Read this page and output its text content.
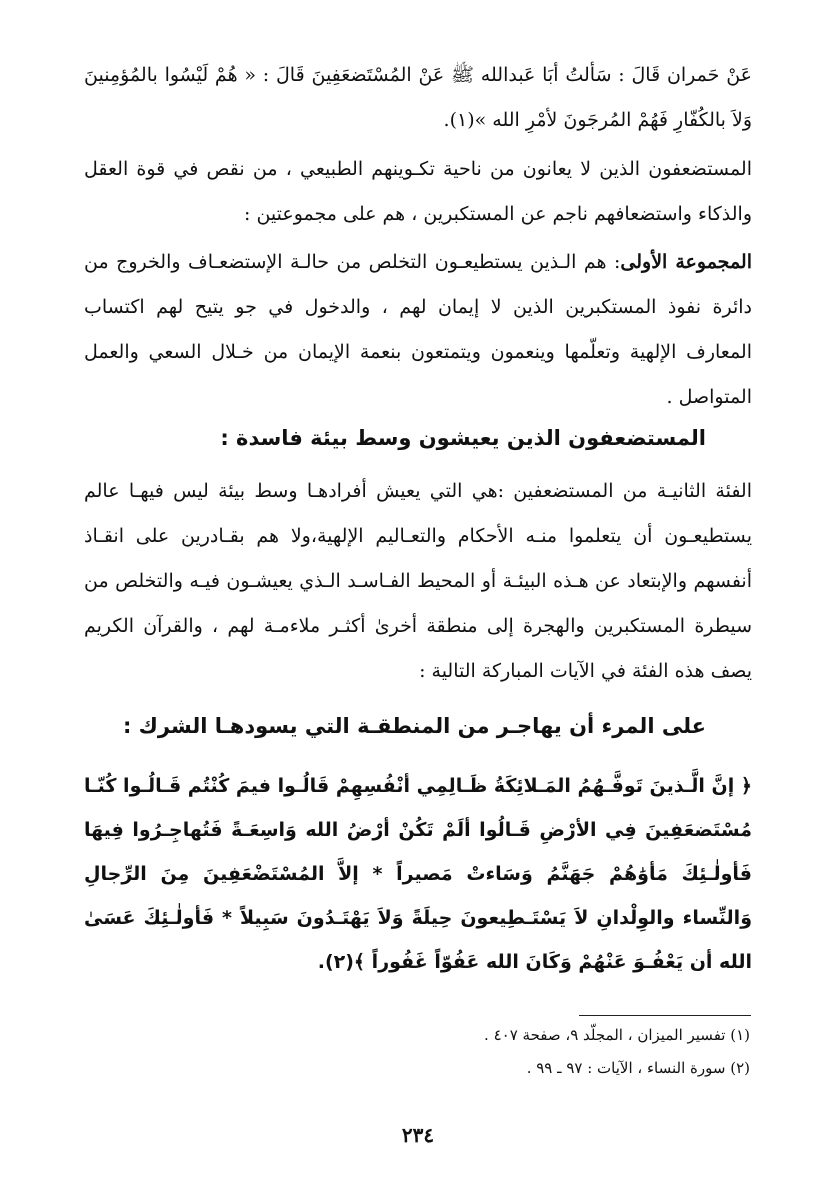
عَنْ حَمران قَالَ : سَألتُ أبَا عَبدالله ﷺ عَنْ المُسْتَضعَفِينَ قَالَ : « هُمْ لَيْسُوا بالمُؤمِنينَ وَلاَ بالكُفّارِ فَهُمْ المُرجَونَ لأمْرِ الله »(١).

المستضعفون الذين لا يعانون من ناحية تكـوينهم الطبيعي ، من نقص في قوة العقل والذكاء واستضعافهم ناجم عن المستكبرين ، هم على مجموعتين :

المجموعة الأولى: هم الـذين يستطيعـون التخلص من حالـة الإستضعـاف والخروج من دائرة نفوذ المستكبرين الذين لا إيمان لهم ، والدخول في جو يتيح لهم اكتساب المعارف الإلهية وتعلّمها وينعمون ويتمتعون بنعمة الإيمان من خـلال السعي والعمل المتواصل .

المستضعفون الذين يعيشون وسط بيئة فاسدة :

الفئة الثانيـة من المستضعفين :هي التي يعيش أفرادهـا وسط بيئة ليس فيهـا عالم يستطيعـون أن يتعلموا منـه الأحكام والتعـاليم الإلهية،ولا هم بقـادرين على انقـاذ أنفسهم والإبتعاد عن هـذه البيئـة أو المحيط الفـاسـد الـذي يعيشـون فيـه والتخلص من سيطرة المستكبرين والهجرة إلى منطقة أخرىٰ أكثـر ملاءمـة لهم ، والقرآن الكريم يصف هذه الفئة في الآيات المباركة التالية :

على المرء أن يهاجـر من المنطقـة التي يسودهـا الشرك :

﴿ إنَّ الَّـذينَ تَوفَّـهُمُ المَـلائِكَةُ ظَـالِمِي أنْفُسِهِمْ قَالُـوا فيمَ كُنْتُم قَـالُـوا كُنّـا مُسْتَضعَفِينَ فِي الأرْضِ قَـالُوا ألَمْ تَكُنْ أرْضُ الله وَاسِعَـةً فَتُهاجِـرُوا فِيهَا فَأولٰـئِكَ مَأوَٰهُمْ جَهَنَّمُ وَسَاءتْ مَصيراً * إلاَّ المُسْتَضْعَفِينَ مِنَ الرِّجالِ وَالنِّساء والوِلْدانِ لاَ يَسْتَـطِيعونَ حِيلَةً وَلاَ يَهْتَـدُونَ سَبِيلاً * فَأولٰـئِكَ عَسَىٰ الله أن يَعْفُـوَ عَنْهُمْ وَكَانَ الله عَفُوّاً غَفُوراً ﴾(٢).

(١) تفسير الميزان ، المجلّد ٩، صفحة ٤٠٧ .

(٢) سورة النساء ، الآيات : ٩٧ ـ ٩٩ .

٢٣٤
